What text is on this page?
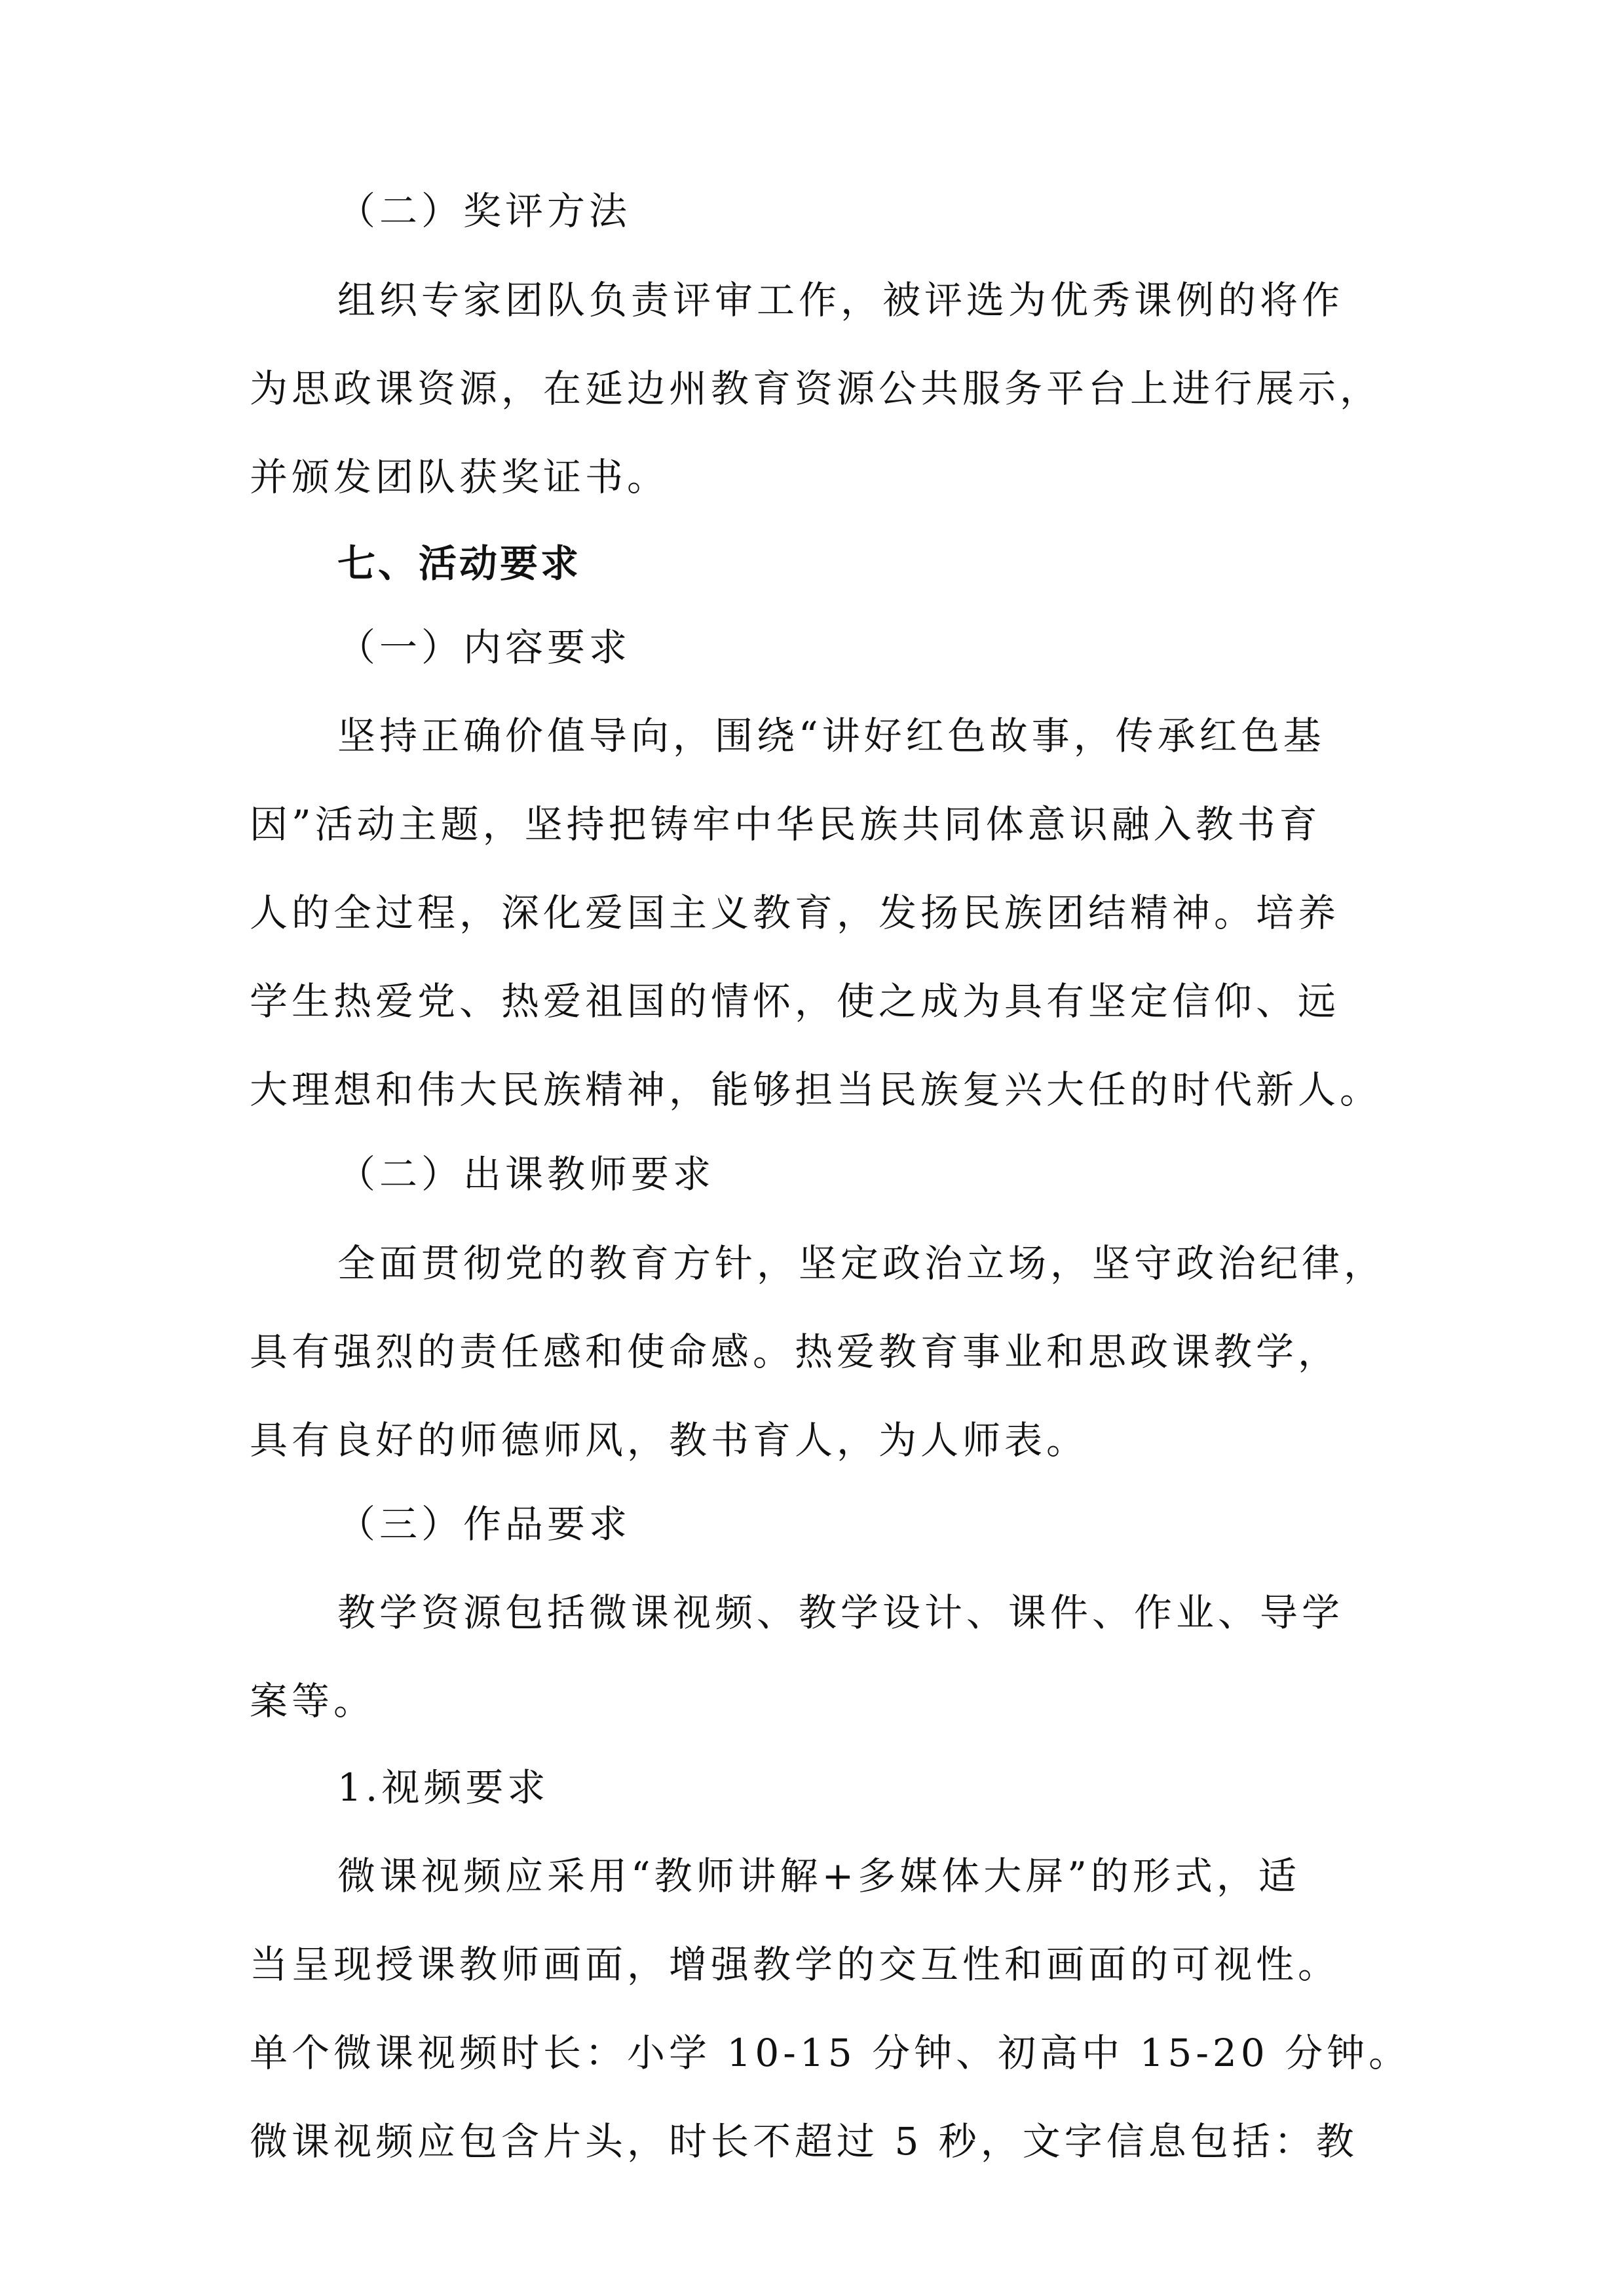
（二）奖评方法
组织专家团队负责评审工作，被评选为优秀课例的将作
为思政课资源，在延边州教育资源公共服务平台上进行展示，
并颁发团队获奖证书。
七、活动要求
（一）内容要求
坚持正确价值导向，围绕“讲好红色故事，传承红色基
因”活动主题，坚持把铸牢中华民族共同体意识融入教书育
人的全过程，深化爱国主义教育，发扬民族团结精神。培养
学生热爱党、热爱祖国的情怀，使之成为具有坚定信仰、远
大理想和伟大民族精神，能够担当民族复兴大任的时代新人。
（二）出课教师要求
全面贯彻党的教育方针，坚定政治立场，坚守政治纪律，
具有强烈的责任感和使命感。热爱教育事业和思政课教学，
具有良好的师德师风，教书育人，为人师表。
（三）作品要求
教学资源包括微课视频、教学设计、课件、作业、导学
案等。
1.视频要求
微课视频应采用“教师讲解+多媒体大屏”的形式，适
当呈现授课教师画面，增强教学的交互性和画面的可视性。
单个微课视频时长：小学 10-15 分钟、初高中 15-20 分钟。
微课视频应包含片头，时长不超过 5 秒，文字信息包括：教
